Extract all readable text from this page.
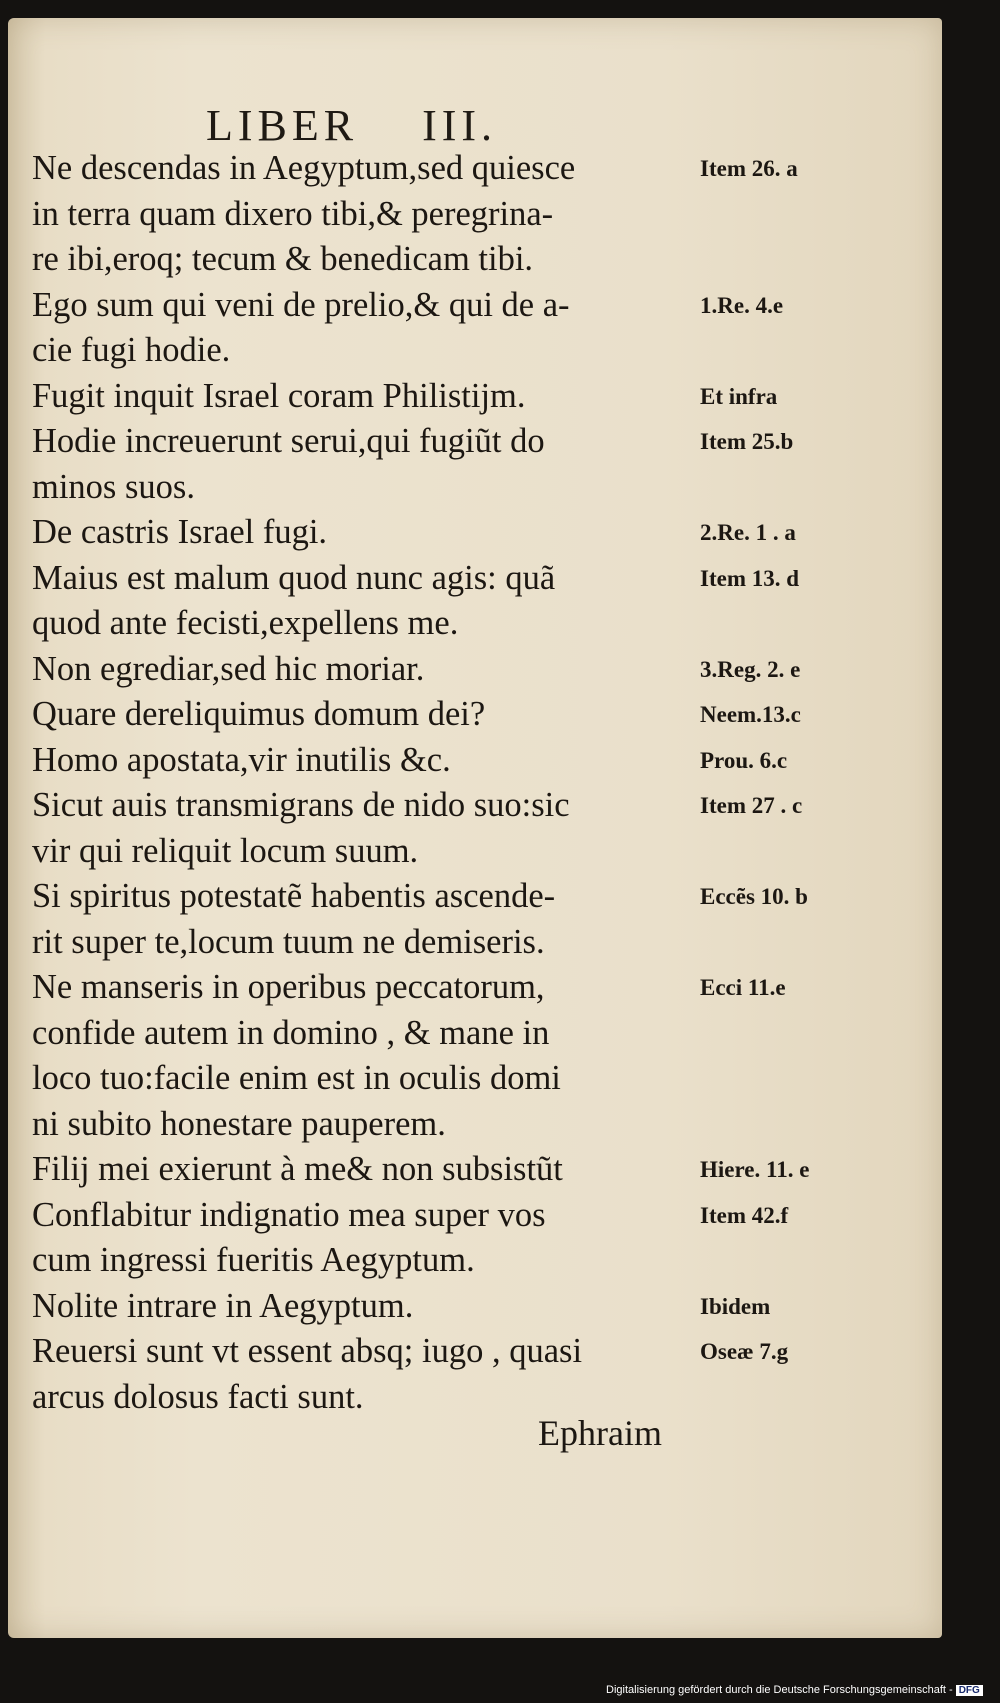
LIBER    III.
Ne descendas in Aegyptum,sed quiesce
in terra quam dixero tibi,& peregrina-
re ibi,eroq; tecum & benedicam tibi.
Ego sum qui veni de prelio,& qui de a-
cie fugi hodie.
Fugit inquit Israel coram Philistijm.
Hodie increuerunt serui,qui fugiũt do
minos suos.
De castris Israel fugi.
Maius est malum quod nunc agis: quã
quod ante fecisti,expellens me.
Non egrediar,sed hic moriar.
Quare dereliquimus domum dei?
Homo apostata,vir inutilis &c.
Sicut auis transmigrans de nido suo:sic
vir qui reliquit locum suum.
Si spiritus potestatẽ habentis ascende-
rit super te,locum tuum ne demiseris.
Ne manseris in operibus peccatorum,
confide autem in domino , & mane in
loco tuo:facile enim est in oculis domi
ni subito honestare pauperem.
Filij mei exierunt à me& non subsistũt
Conflabitur indignatio mea super vos
cum ingressi fueritis Aegyptum.
Nolite intrare in Aegyptum.
Reuersi sunt vt essent absq; iugo , quasi
arcus dolosus facti sunt.
Item 26. a
1.Re. 4.e
Et infra
Item 25.b
2.Re. 1 . a
Item 13. d
3.Reg. 2. e
Neem.13.c
Prou. 6.c
Item 27 . c
Eccẽs 10. b
Ecci 11.e
Hiere. 11. e
Item 42.f
Ibidem
Oseæ 7.g

Ephraim

Digitalisierung gefördert durch die Deutsche Forschungsgemeinschaft - DFG
